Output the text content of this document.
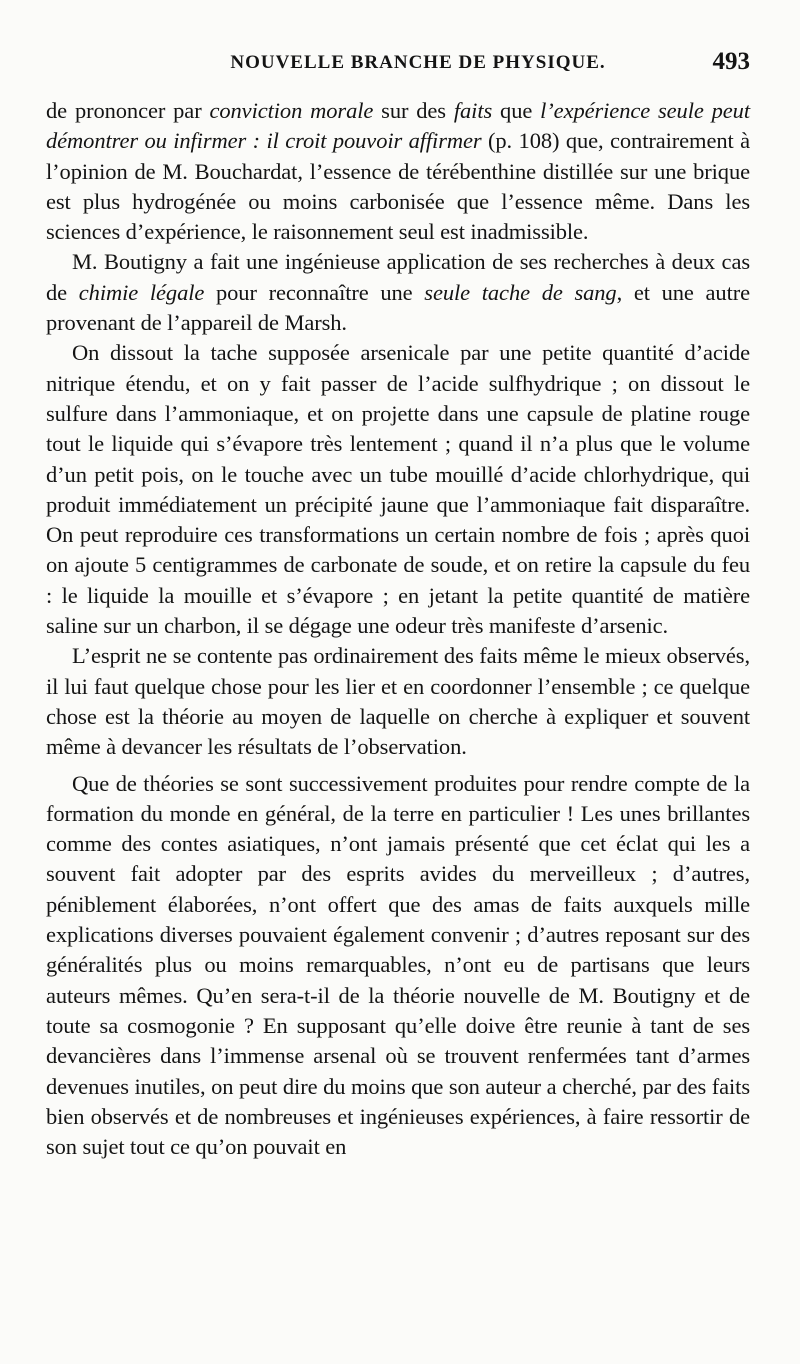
NOUVELLE BRANCHE DE PHYSIQUE.	493

de prononcer par conviction morale sur des faits que l’expérience seule peut démontrer ou infirmer : il croit pouvoir affirmer (p. 108) que, contrairement à l’opinion de M. Bouchardat, l’essence de térébenthine distillée sur une brique est plus hydrogénée ou moins carbonisée que l’essence même. Dans les sciences d’expérience, le raisonnement seul est inadmissible.

M. Boutigny a fait une ingénieuse application de ses recherches à deux cas de chimie légale pour reconnaître une seule tache de sang, et une autre provenant de l’appareil de Marsh.

On dissout la tache supposée arsenicale par une petite quantité d’acide nitrique étendu, et on y fait passer de l’acide sulfhydrique ; on dissout le sulfure dans l’ammoniaque, et on projette dans une capsule de platine rouge tout le liquide qui s’évapore très lentement ; quand il n’a plus que le volume d’un petit pois, on le touche avec un tube mouillé d’acide chlorhydrique, qui produit immédiatement un précipité jaune que l’ammoniaque fait disparaître. On peut reproduire ces transformations un certain nombre de fois ; après quoi on ajoute 5 centigrammes de carbonate de soude, et on retire la capsule du feu : le liquide la mouille et s’évapore ; en jetant la petite quantité de matière saline sur un charbon, il se dégage une odeur très manifeste d’arsenic.

L’esprit ne se contente pas ordinairement des faits même le mieux observés, il lui faut quelque chose pour les lier et en coordonner l’ensemble ; ce quelque chose est la théorie au moyen de laquelle on cherche à expliquer et souvent même à devancer les résultats de l’observation.

Que de théories se sont successivement produites pour rendre compte de la formation du monde en général, de la terre en particulier ! Les unes brillantes comme des contes asiatiques, n’ont jamais présenté que cet éclat qui les a souvent fait adopter par des esprits avides du merveilleux ; d’autres, péniblement élaborées, n’ont offert que des amas de faits auxquels mille explications diverses pouvaient également convenir ; d’autres reposant sur des généralités plus ou moins remarquables, n’ont eu de partisans que leurs auteurs mêmes. Qu’en sera-t-il de la théorie nouvelle de M. Boutigny et de toute sa cosmogonie ? En supposant qu’elle doive être reunie à tant de ses devancières dans l’immense arsenal où se trouvent renfermées tant d’armes devenues inutiles, on peut dire du moins que son auteur a cherché, par des faits bien observés et de nombreuses et ingénieuses expériences, à faire ressortir de son sujet tout ce qu’on pouvait en
